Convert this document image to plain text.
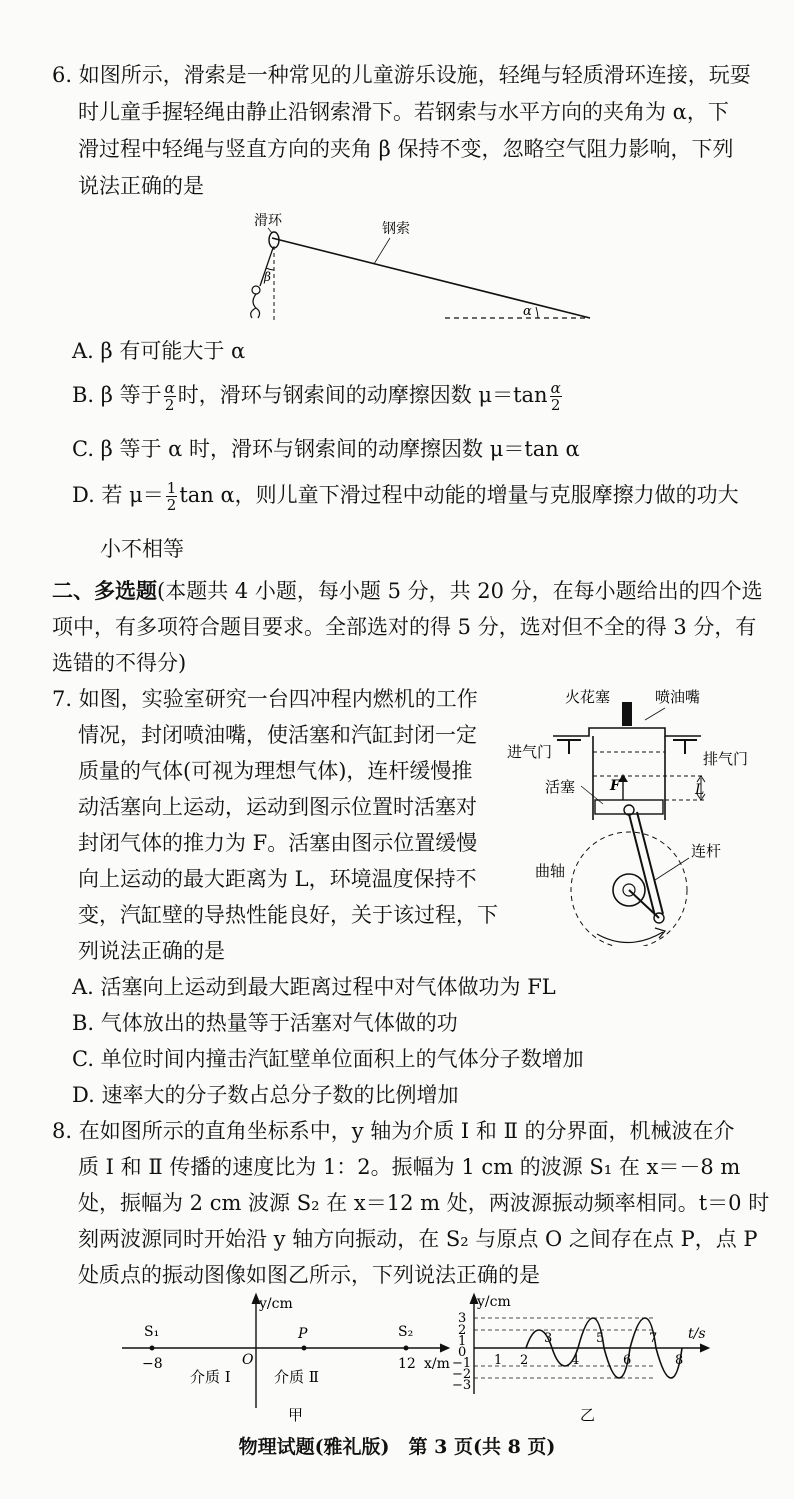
6. 如图所示，滑索是一种常见的儿童游乐设施，轻绳与轻质滑环连接，玩耍
时儿童手握轻绳由静止沿钢索滑下。若钢索与水平方向的夹角为 α，下
滑过程中轻绳与竖直方向的夹角 β 保持不变，忽略空气阻力影响，下列
说法正确的是
α
β
滑环	钢索
A. β 有可能大于 α
B. β 等于 $\frac{\alpha}{2}$ 时，滑环与钢索间的动摩擦因数 $\mu=\tan \frac{\alpha}{2}$
C. β 等于 α 时，滑环与钢索间的动摩擦因数 μ＝tan α
D. 若 $\mu= \frac{1}{2}$ tan α，则儿童下滑过程中动能的增量与克服摩擦力做的功大
小不相等
二、多选题(本题共 4 小题，每小题 5 分，共 20 分，在每小题给出的四个选
项中，有多项符合题目要求。全部选对的得 5 分，选对但不全的得 3 分，有
选错的不得分)
7. 如图，实验室研究一台四冲程内燃机的工作
情况，封闭喷油嘴，使活塞和汽缸封闭一定
质量的气体(可视为理想气体)，连杆缓慢推
动活塞向上运动，运动到图示位置时活塞对
封闭气体的推力为 F。活塞由图示位置缓慢
向上运动的最大距离为 L，环境温度保持不
变，汽缸壁的导热性能良好，关于该过程，下
列说法正确的是
火花塞	喷油嘴
进气门	排气门
活塞 F	L
连杆
曲轴
A. 活塞向上运动到最大距离过程中对气体做功为 FL
B. 气体放出的热量等于活塞对气体做的功
C. 单位时间内撞击汽缸壁单位面积上的气体分子数增加
D. 速率大的分子数占总分子数的比例增加
8. 在如图所示的直角坐标系中，y 轴为介质 Ⅰ 和 Ⅱ 的分界面，机械波在介
质 Ⅰ 和 Ⅱ 传播的速度比为 1：2。振幅为 1 cm 的波源 S₁ 在 x＝－8 m
处，振幅为 2 cm 波源 S₂ 在 x＝12 m 处，两波源振动频率相同。t＝0 时
刻两波源同时开始沿 y 轴方向振动，在 S₂ 与原点 O 之间存在点 P，点 P
处质点的振动图像如图乙所示，下列说法正确的是
y/cm
x/m
S₁
−8
P	S₂
12
O
介质 Ⅰ	介质 Ⅱ
甲
y/cm
t/s
3
2
1
0
−1
−2
−3
1 2
3
4
5
6
7
8
乙
物理试题(雅礼版)　第 3 页(共 8 页)
